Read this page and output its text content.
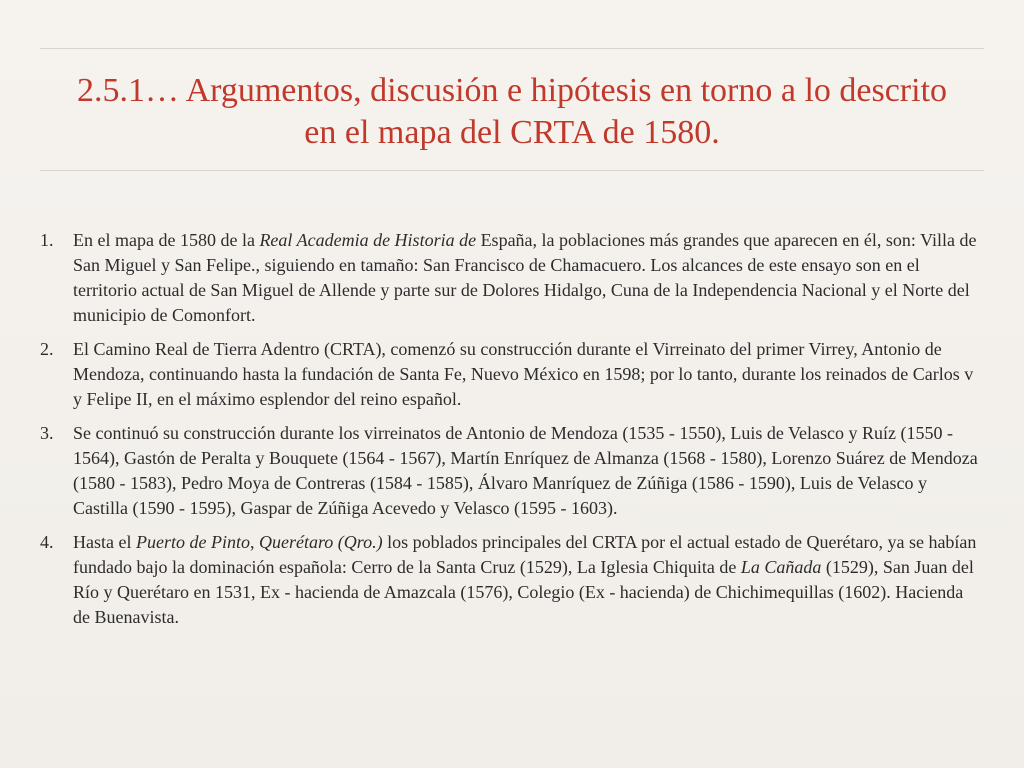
2.5.1… Argumentos, discusión e hipótesis en torno a lo descrito
en el mapa del CRTA de 1580.
1. En el mapa de 1580 de la Real Academia de Historia de España, la poblaciones más grandes que aparecen en él, son: Villa de San Miguel y San Felipe., siguiendo en tamaño: San Francisco de Chamacuero. Los alcances de este ensayo son en el territorio actual de San Miguel de Allende y parte sur de Dolores Hidalgo, Cuna de la Independencia Nacional y el Norte del municipio de Comonfort.
2. El Camino Real de Tierra Adentro (CRTA), comenzó su construcción durante el Virreinato del primer Virrey, Antonio de Mendoza, continuando hasta la fundación de Santa Fe, Nuevo México en 1598; por lo tanto, durante los reinados de Carlos v y Felipe II, en el máximo esplendor del reino español.
3. Se continuó su construcción durante los virreinatos de Antonio de Mendoza (1535 - 1550), Luis de Velasco y Ruíz (1550 - 1564), Gastón de Peralta y Bouquete (1564 - 1567), Martín Enríquez de Almanza (1568 - 1580), Lorenzo Suárez de Mendoza (1580 - 1583), Pedro Moya de Contreras (1584 - 1585), Álvaro Manríquez de Zúñiga (1586 - 1590), Luis de Velasco y Castilla (1590 - 1595), Gaspar de Zúñiga Acevedo y Velasco (1595 - 1603).
4. Hasta el Puerto de Pinto, Querétaro (Qro.) los poblados principales del CRTA por el actual estado de Querétaro, ya se habían fundado bajo la dominación española: Cerro de la Santa Cruz (1529), La Iglesia Chiquita de La Cañada (1529), San Juan del Río y Querétaro en 1531, Ex - hacienda de Amazcala (1576), Colegio (Ex - hacienda) de Chichimequillas (1602). Hacienda de Buenavista.
